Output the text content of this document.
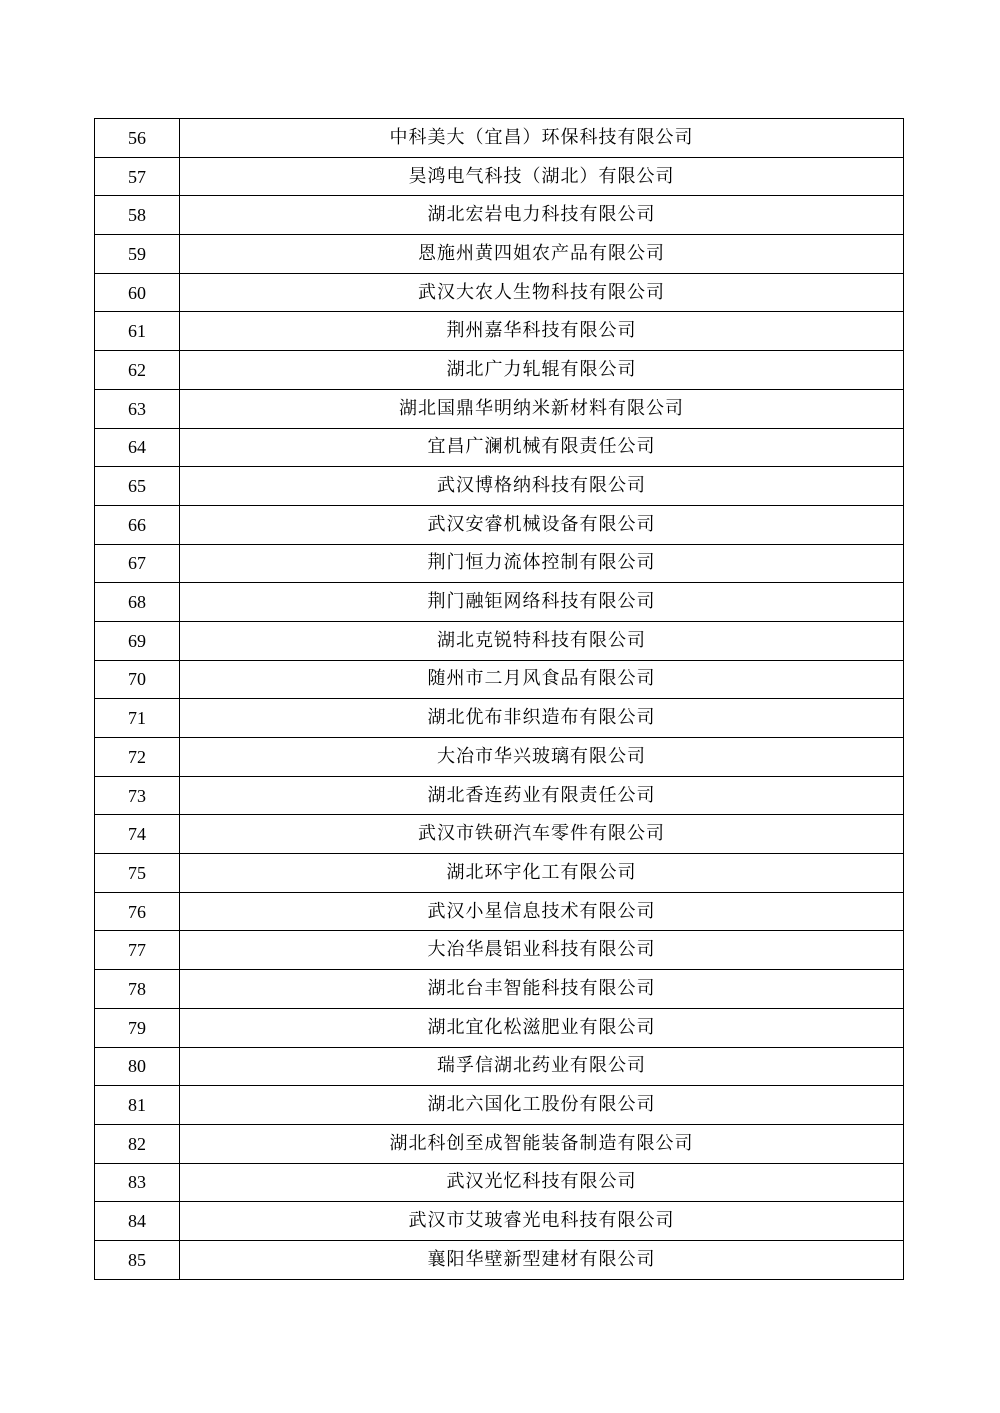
56	中科美大（宜昌）环保科技有限公司
57	昊鸿电气科技（湖北）有限公司
58	湖北宏岩电力科技有限公司
59	恩施州黄四姐农产品有限公司
60	武汉大农人生物科技有限公司
61	荆州嘉华科技有限公司
62	湖北广力轧辊有限公司
63	湖北国鼎华明纳米新材料有限公司
64	宜昌广澜机械有限责任公司
65	武汉博格纳科技有限公司
66	武汉安睿机械设备有限公司
67	荆门恒力流体控制有限公司
68	荆门融钜网络科技有限公司
69	湖北克锐特科技有限公司
70	随州市二月风食品有限公司
71	湖北优布非织造布有限公司
72	大冶市华兴玻璃有限公司
73	湖北香连药业有限责任公司
74	武汉市铁研汽车零件有限公司
75	湖北环宇化工有限公司
76	武汉小星信息技术有限公司
77	大冶华晨铝业科技有限公司
78	湖北台丰智能科技有限公司
79	湖北宜化松滋肥业有限公司
80	瑞孚信湖北药业有限公司
81	湖北六国化工股份有限公司
82	湖北科创至成智能装备制造有限公司
83	武汉光忆科技有限公司
84	武汉市艾玻睿光电科技有限公司
85	襄阳华壁新型建材有限公司
